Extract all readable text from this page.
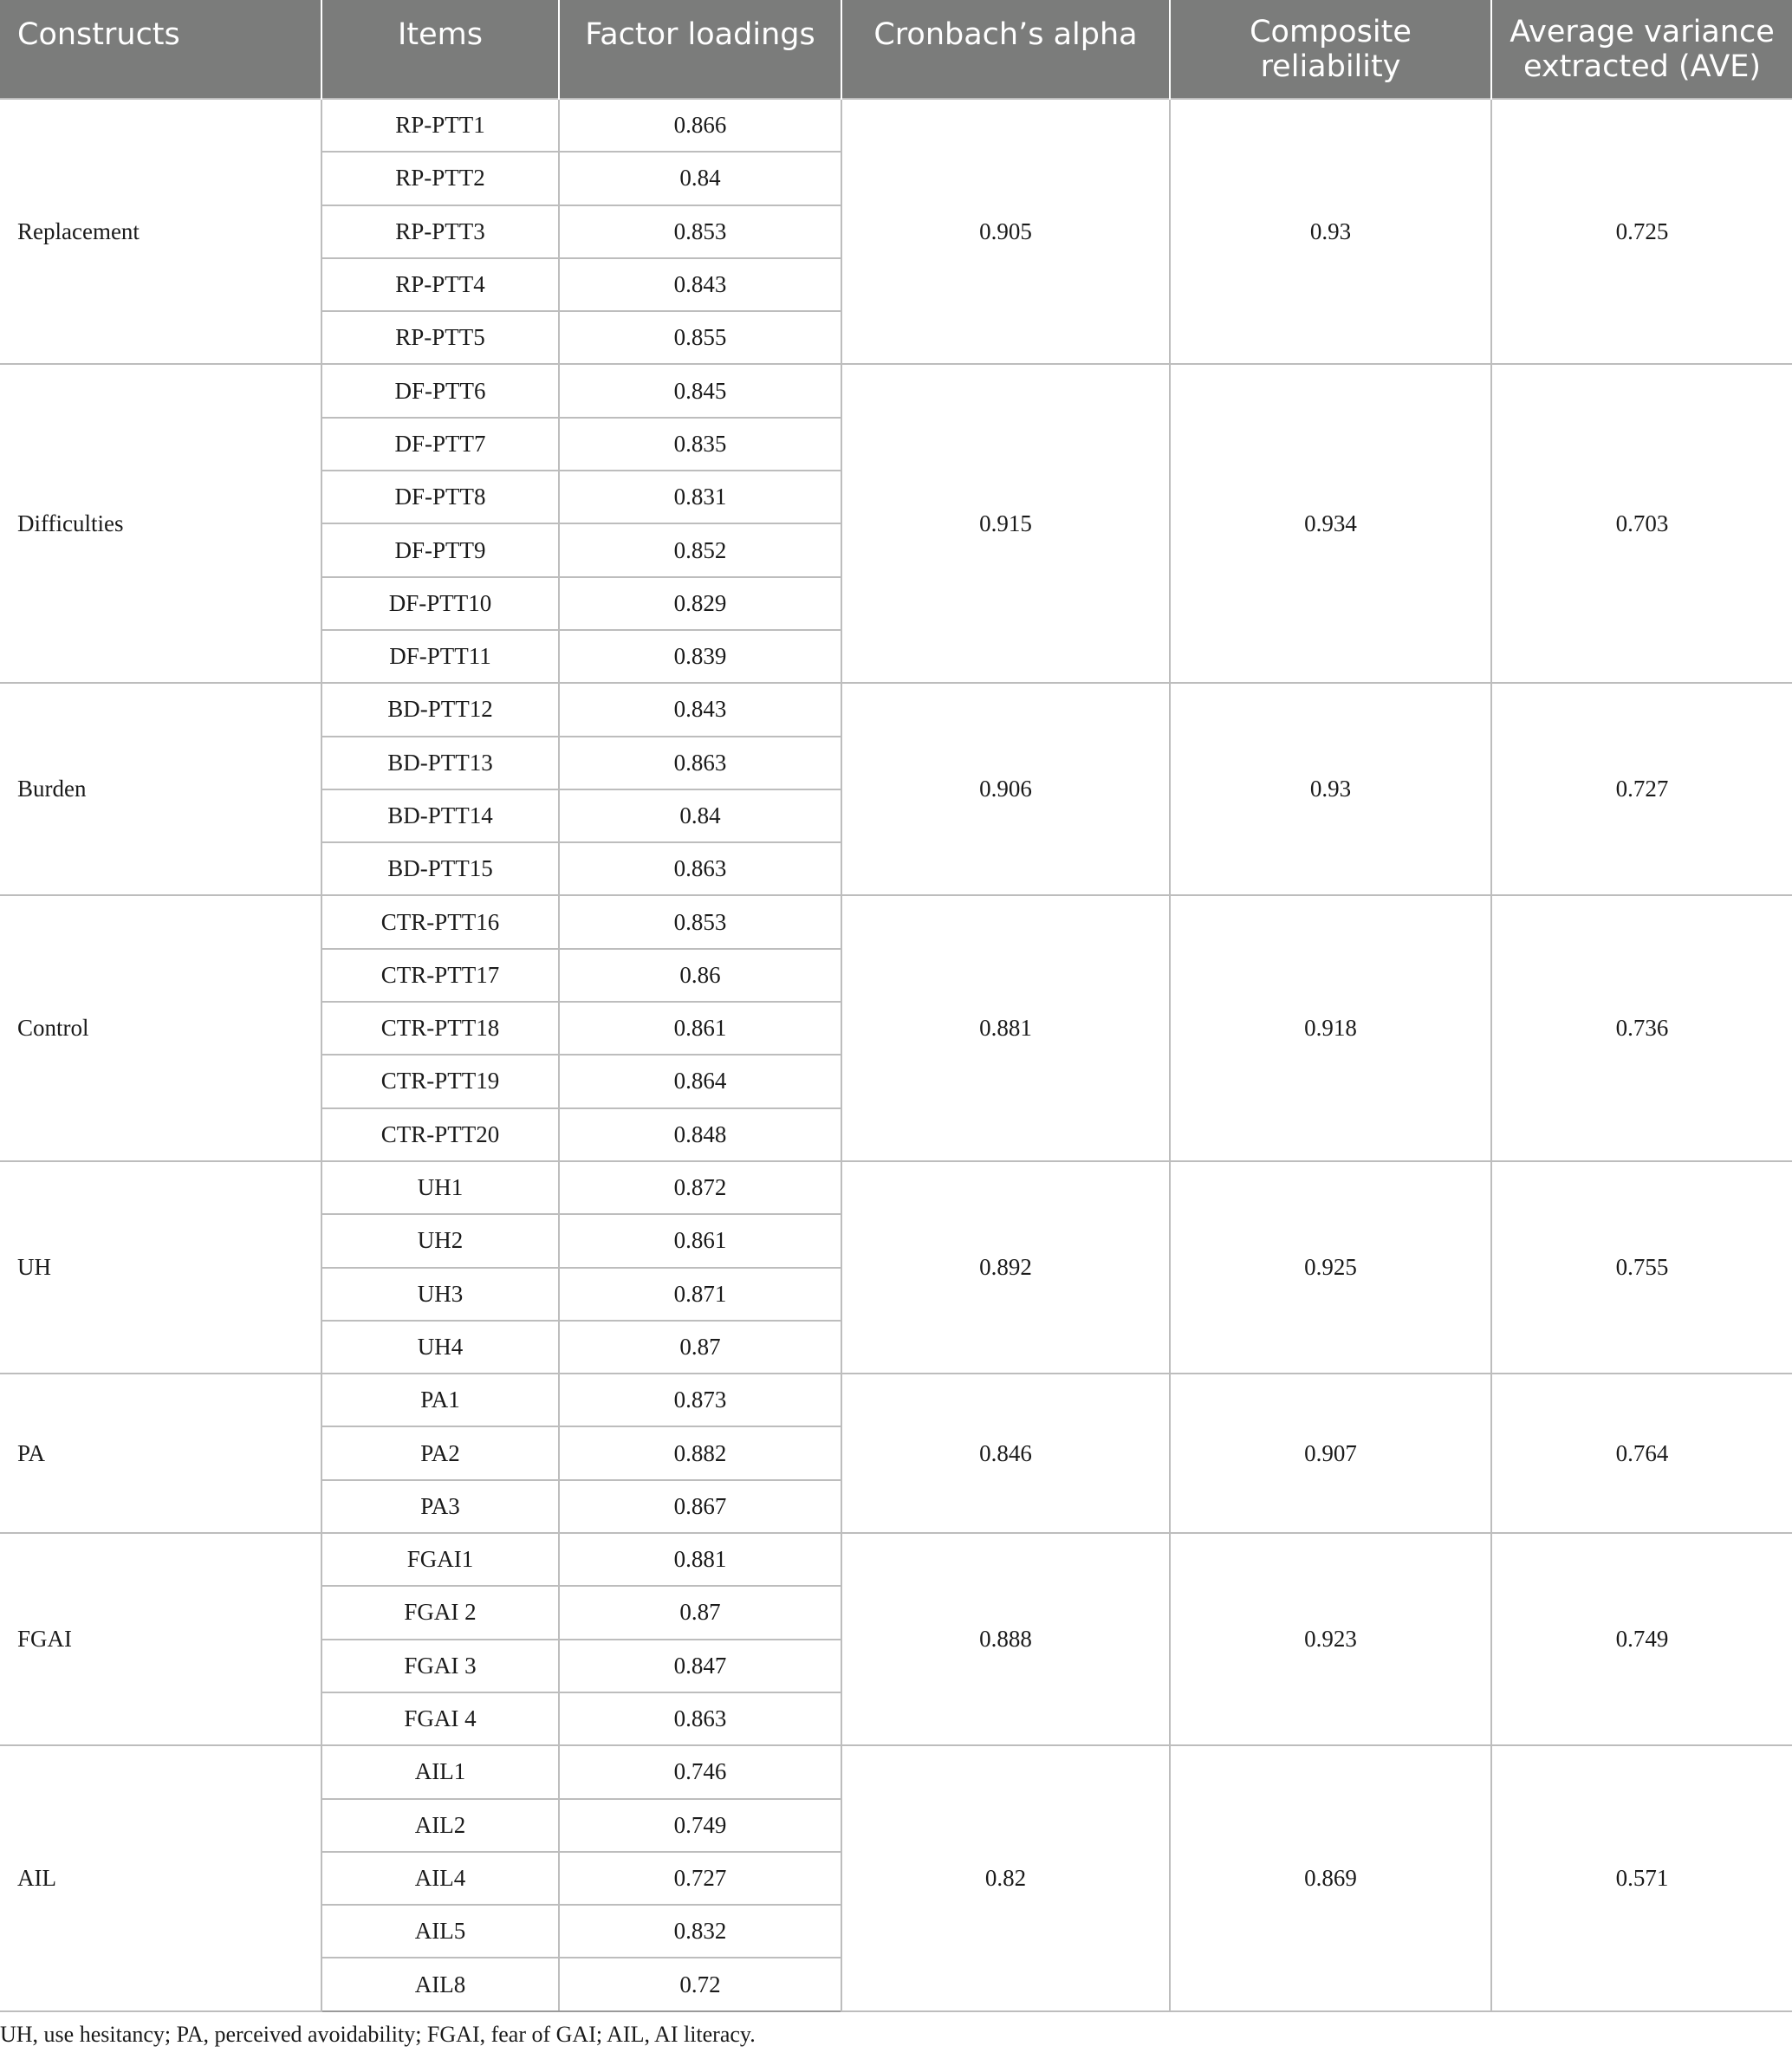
Constructs	Items	Factor loadings	Cronbach’s alpha	Composite reliability	Average variance extracted (AVE)
Replacement	RP-PTT1	0.866	0.905	0.93	0.725
	RP-PTT2	0.84			
	RP-PTT3	0.853			
	RP-PTT4	0.843			
	RP-PTT5	0.855			
Difficulties	DF-PTT6	0.845	0.915	0.934	0.703
	DF-PTT7	0.835			
	DF-PTT8	0.831			
	DF-PTT9	0.852			
	DF-PTT10	0.829			
	DF-PTT11	0.839			
Burden	BD-PTT12	0.843	0.906	0.93	0.727
	BD-PTT13	0.863			
	BD-PTT14	0.84			
	BD-PTT15	0.863			
Control	CTR-PTT16	0.853	0.881	0.918	0.736
	CTR-PTT17	0.86			
	CTR-PTT18	0.861			
	CTR-PTT19	0.864			
	CTR-PTT20	0.848			
UH	UH1	0.872	0.892	0.925	0.755
	UH2	0.861			
	UH3	0.871			
	UH4	0.87			
PA	PA1	0.873	0.846	0.907	0.764
	PA2	0.882			
	PA3	0.867			
FGAI	FGAI1	0.881	0.888	0.923	0.749
	FGAI 2	0.87			
	FGAI 3	0.847			
	FGAI 4	0.863			
AIL	AIL1	0.746	0.82	0.869	0.571
	AIL2	0.749			
	AIL4	0.727			
	AIL5	0.832			
	AIL8	0.72			
UH, use hesitancy; PA, perceived avoidability; FGAI, fear of GAI; AIL, AI literacy.
